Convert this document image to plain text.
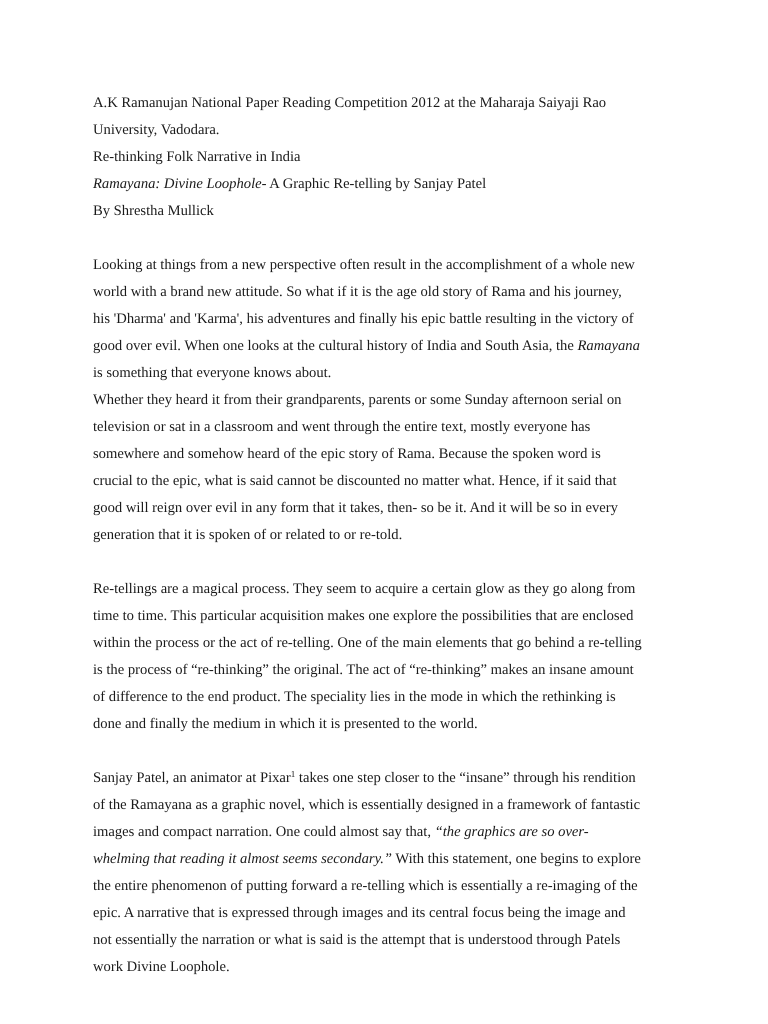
A.K Ramanujan National Paper Reading Competition 2012 at the Maharaja Saiyaji Rao
University, Vadodara.
Re-thinking Folk Narrative in India
Ramayana: Divine Loophole- A Graphic Re-telling by Sanjay Patel
By Shrestha Mullick
Looking at things from a new perspective often result in the accomplishment of a whole new
world with a brand new attitude. So what if it is the age old story of Rama and his journey,
his 'Dharma' and 'Karma', his adventures and finally his epic battle resulting in the victory of
good over evil. When one looks at the cultural history of India and South Asia, the Ramayana
is something that everyone knows about.
Whether they heard it from their grandparents, parents or some Sunday afternoon serial on
television or sat in a classroom and went through the entire text, mostly everyone has
somewhere and somehow heard of the epic story of Rama. Because the spoken word is
crucial to the epic, what is said cannot be discounted no matter what. Hence, if it said that
good will reign over evil in any form that it takes, then- so be it. And it will be so in every
generation that it is spoken of or related to or re-told.
Re-tellings are a magical process. They seem to acquire a certain glow as they go along from
time to time. This particular acquisition makes one explore the possibilities that are enclosed
within the process or the act of re-telling. One of the main elements that go behind a re-telling
is the process of “re-thinking” the original. The act of “re-thinking” makes an insane amount
of difference to the end product. The speciality lies in the mode in which the rethinking is
done and finally the medium in which it is presented to the world.
Sanjay Patel, an animator at Pixar$^1$ takes one step closer to the “insane” through his rendition
of the Ramayana as a graphic novel, which is essentially designed in a framework of fantastic
images and compact narration. One could almost say that, “the graphics are so over-
whelming that reading it almost seems secondary.” With this statement, one begins to explore
the entire phenomenon of putting forward a re-telling which is essentially a re-imaging of the
epic. A narrative that is expressed through images and its central focus being the image and
not essentially the narration or what is said is the attempt that is understood through Patels
work Divine Loophole.
